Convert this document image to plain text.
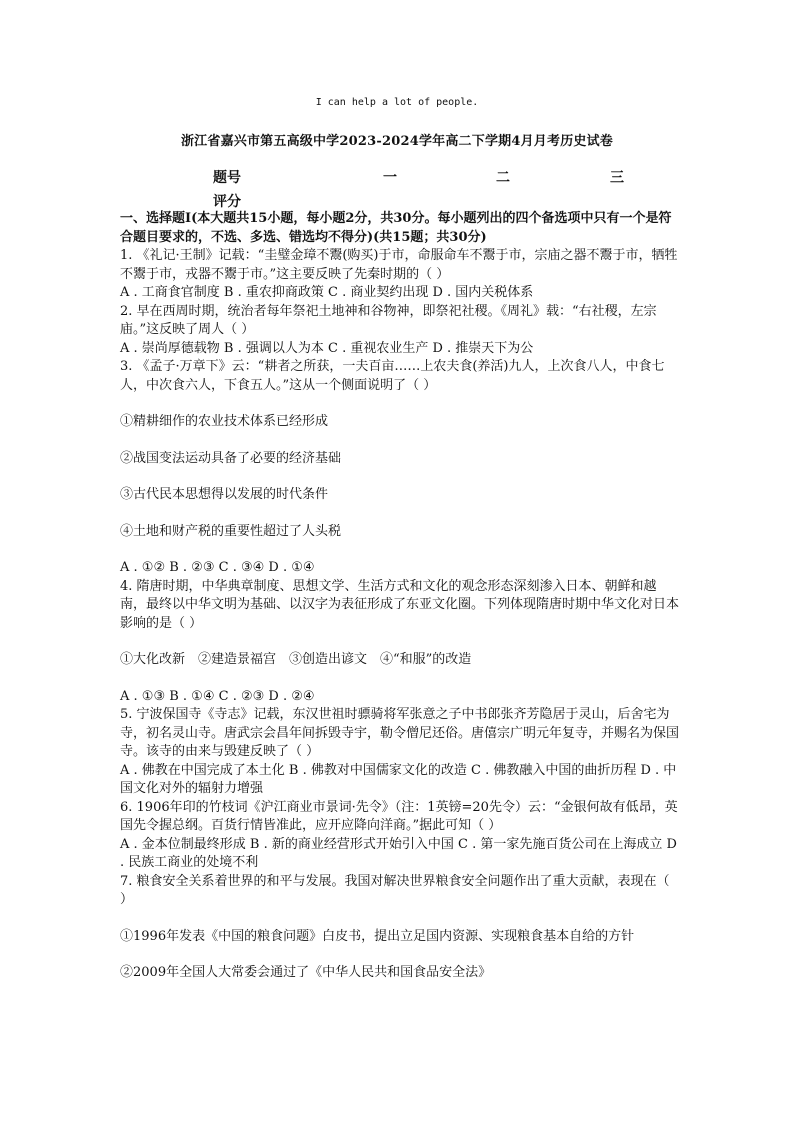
I can help a lot of people.
浙江省嘉兴市第五高级中学2023-2024学年高二下学期4月月考历史试卷
题号	一	二	三
评分

一、选择题Ⅰ(本大题共15小题，每小题2分，共30分。每小题列出的四个备选项中只有一个是符合题目要求的，不选、多选、错选均不得分)(共15题；共30分)

1. 《礼记·王制》记载：“圭璧金璋不鬻(购买)于市，命服命车不鬻于市，宗庙之器不鬻于市，牺牲不鬻于市，戎器不鬻于市。”这主要反映了先秦时期的（ ）

A . 工商食官制度 B . 重农抑商政策 C . 商业契约出现 D . 国内关税体系

2. 早在西周时期，统治者每年祭祀土地神和谷物神，即祭祀社稷。《周礼》载：“右社稷，左宗庙。”这反映了周人（ ）

A . 崇尚厚德载物 B . 强调以人为本 C . 重视农业生产 D . 推崇天下为公

3. 《孟子·万章下》云：“耕者之所获，一夫百亩……上农夫食(养活)九人，上次食八人，中食七人，中次食六人，下食五人。”这从一个侧面说明了（ ）

①精耕细作的农业技术体系已经形成

②战国变法运动具备了必要的经济基础

③古代民本思想得以发展的时代条件

④土地和财产税的重要性超过了人头税

A . ①② B . ②③ C . ③④ D . ①④

4. 隋唐时期，中华典章制度、思想文学、生活方式和文化的观念形态深刻渗入日本、朝鲜和越南，最终以中华文明为基础、以汉字为表征形成了东亚文化圈。下列体现隋唐时期中华文化对日本影响的是（ ）

①大化改新　②建造景福宫　③创造出谚文　④“和服”的改造

A . ①③ B . ①④ C . ②③ D . ②④

5. 宁波保国寺《寺志》记载，东汉世祖时骠骑将军张意之子中书郎张齐芳隐居于灵山，后舍宅为寺，初名灵山寺。唐武宗会昌年间拆毁寺宇，勒令僧尼还俗。唐僖宗广明元年复寺，并赐名为保国寺。该寺的由来与毁建反映了（ ）

A . 佛教在中国完成了本土化 B . 佛教对中国儒家文化的改造 C . 佛教融入中国的曲折历程 D . 中国文化对外的辐射力增强

6. 1906年印的竹枝词《沪江商业市景词·先令》（注：1英镑=20先令）云：“金银何故有低昂，英国先令握总纲。百货行情皆准此，应开应降向洋商。”据此可知（ ）

A . 金本位制最终形成 B . 新的商业经营形式开始引入中国 C . 第一家先施百货公司在上海成立 D . 民族工商业的处境不利

7. 粮食安全关系着世界的和平与发展。我国对解决世界粮食安全问题作出了重大贡献，表现在（ ）

①1996年发表《中国的粮食问题》白皮书，提出立足国内资源、实现粮食基本自给的方针

②2009年全国人大常委会通过了《中华人民共和国食品安全法》
